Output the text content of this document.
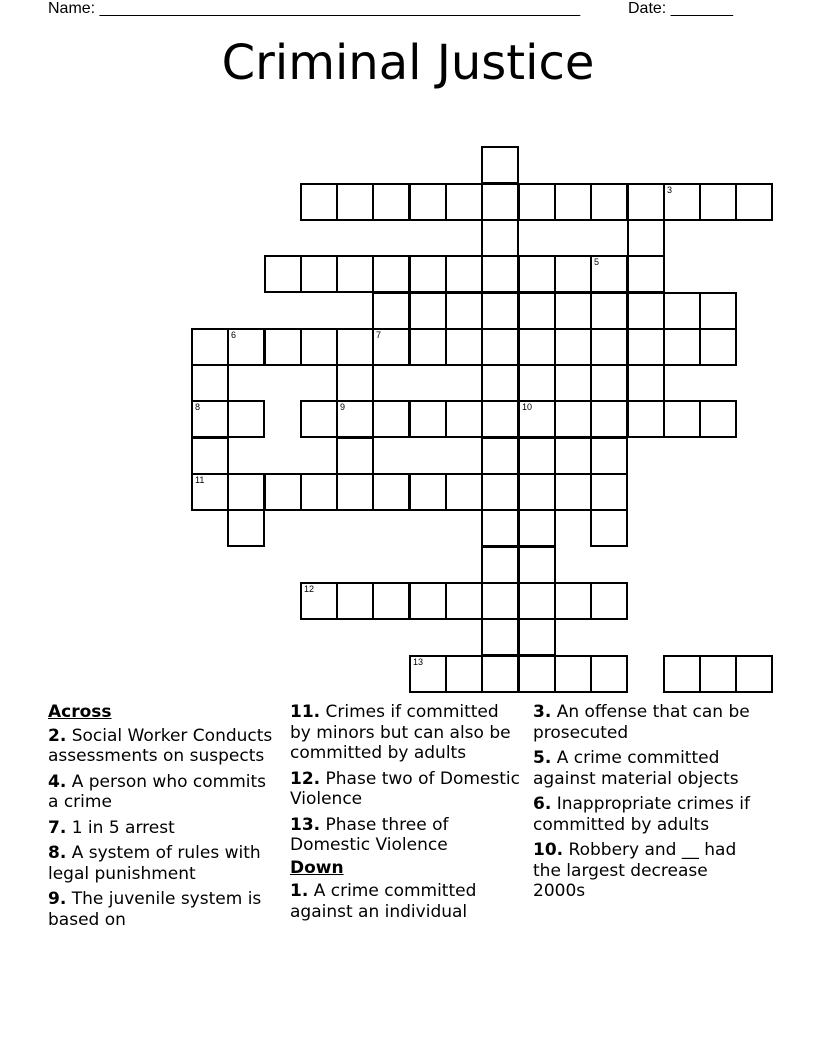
Name: ______________________________________________________	Date: _______
Criminal Justice
5
3
6	7
8	9	10
11
12
13
Across
2. Social Worker Conducts assessments on suspects
4. A person who commits a crime
7. 1 in 5 arrest
8. A system of rules with legal punishment
9. The juvenile system is based on
11. Crimes if committed by minors but can also be committed by adults
12. Phase two of Domestic Violence
13. Phase three of Domestic Violence
Down
1. A crime committed against an individual
3. An offense that can be prosecuted
5. A crime committed against material objects
6. Inappropriate crimes if committed by adults
10. Robbery and __ had the largest decrease 2000s
